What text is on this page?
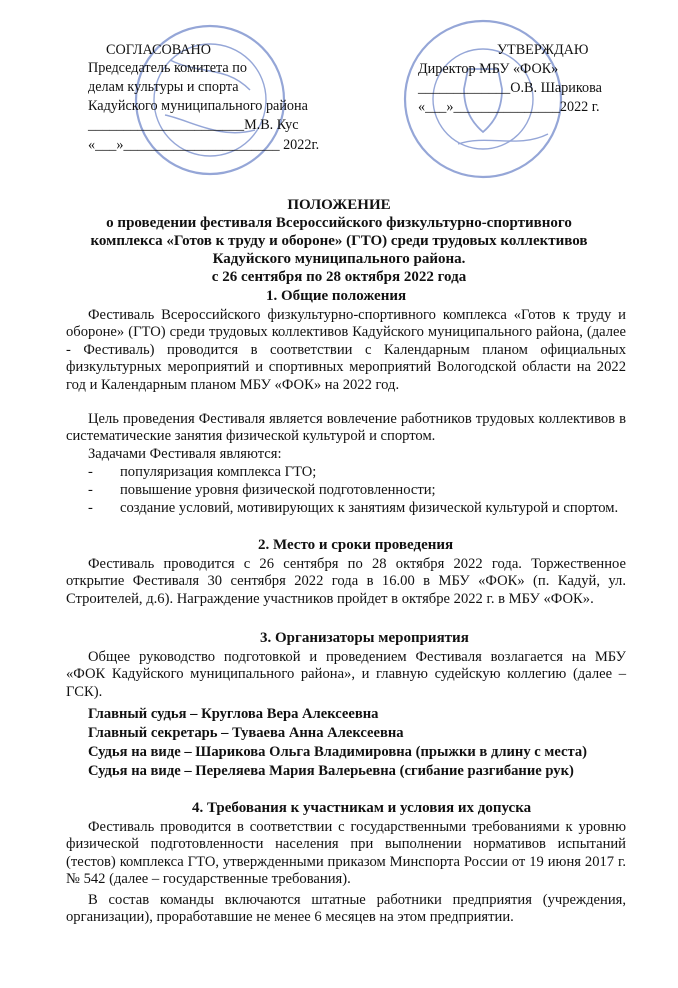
СОГЛАСОВАНО
Председатель комитета по
делам культуры и спорта
Кадуйского муниципального района
______________________М.В. Кус
«___»______________________ 2022г.
УТВЕРЖДАЮ
Директор МБУ «ФОК»
_____________О.В. Шарикова
«___»_______________2022 г.
ПОЛОЖЕНИЕ
о проведении фестиваля Всероссийского физкультурно-спортивного
комплекса «Готов к труду и обороне» (ГТО) среди трудовых коллективов
Кадуйского муниципального района.
с 26 сентября по 28 октября 2022 года
1. Общие положения
Фестиваль Всероссийского физкультурно-спортивного комплекса «Готов к труду и обороне» (ГТО) среди трудовых коллективов Кадуйского муниципального района, (далее - Фестиваль) проводится в соответствии с Календарным планом официальных физкультурных мероприятий и спортивных мероприятий Вологодской области на 2022 год и Календарным планом МБУ «ФОК» на 2022 год.
Цель проведения Фестиваля является вовлечение работников трудовых коллективов в систематические занятия физической культурой и спортом.
Задачами Фестиваля являются:
- популяризация комплекса ГТО;
- повышение уровня физической подготовленности;
-	создание условий, мотивирующих к занятиям физической культурой и спортом.
2. Место и сроки проведения
Фестиваль проводится с 26 сентября по 28 октября 2022 года. Торжественное открытие Фестиваля 30 сентября 2022 года в 16.00 в МБУ «ФОК» (п. Кадуй, ул. Строителей, д.6). Награждение участников пройдет в октябре 2022 г. в МБУ «ФОК».
3. Организаторы мероприятия
Общее руководство подготовкой и проведением Фестиваля возлагается на МБУ «ФОК Кадуйского муниципального района», и главную судейскую коллегию (далее – ГСК).
Главный судья – Круглова Вера Алексеевна
Главный секретарь – Туваева Анна Алексеевна
Судья на виде – Шарикова Ольга Владимировна (прыжки в длину с места)
Судья на виде – Переляева Мария Валерьевна (сгибание разгибание рук)
4. Требования к участникам и условия их допуска
Фестиваль проводится в соответствии с государственными требованиями к уровню физической подготовленности населения при выполнении нормативов испытаний (тестов) комплекса ГТО, утвержденными приказом Минспорта России от 19 июня 2017 г. № 542 (далее – государственные требования).
В состав команды включаются штатные работники предприятия (учреждения, организации), проработавшие не менее 6 месяцев на этом предприятии.
